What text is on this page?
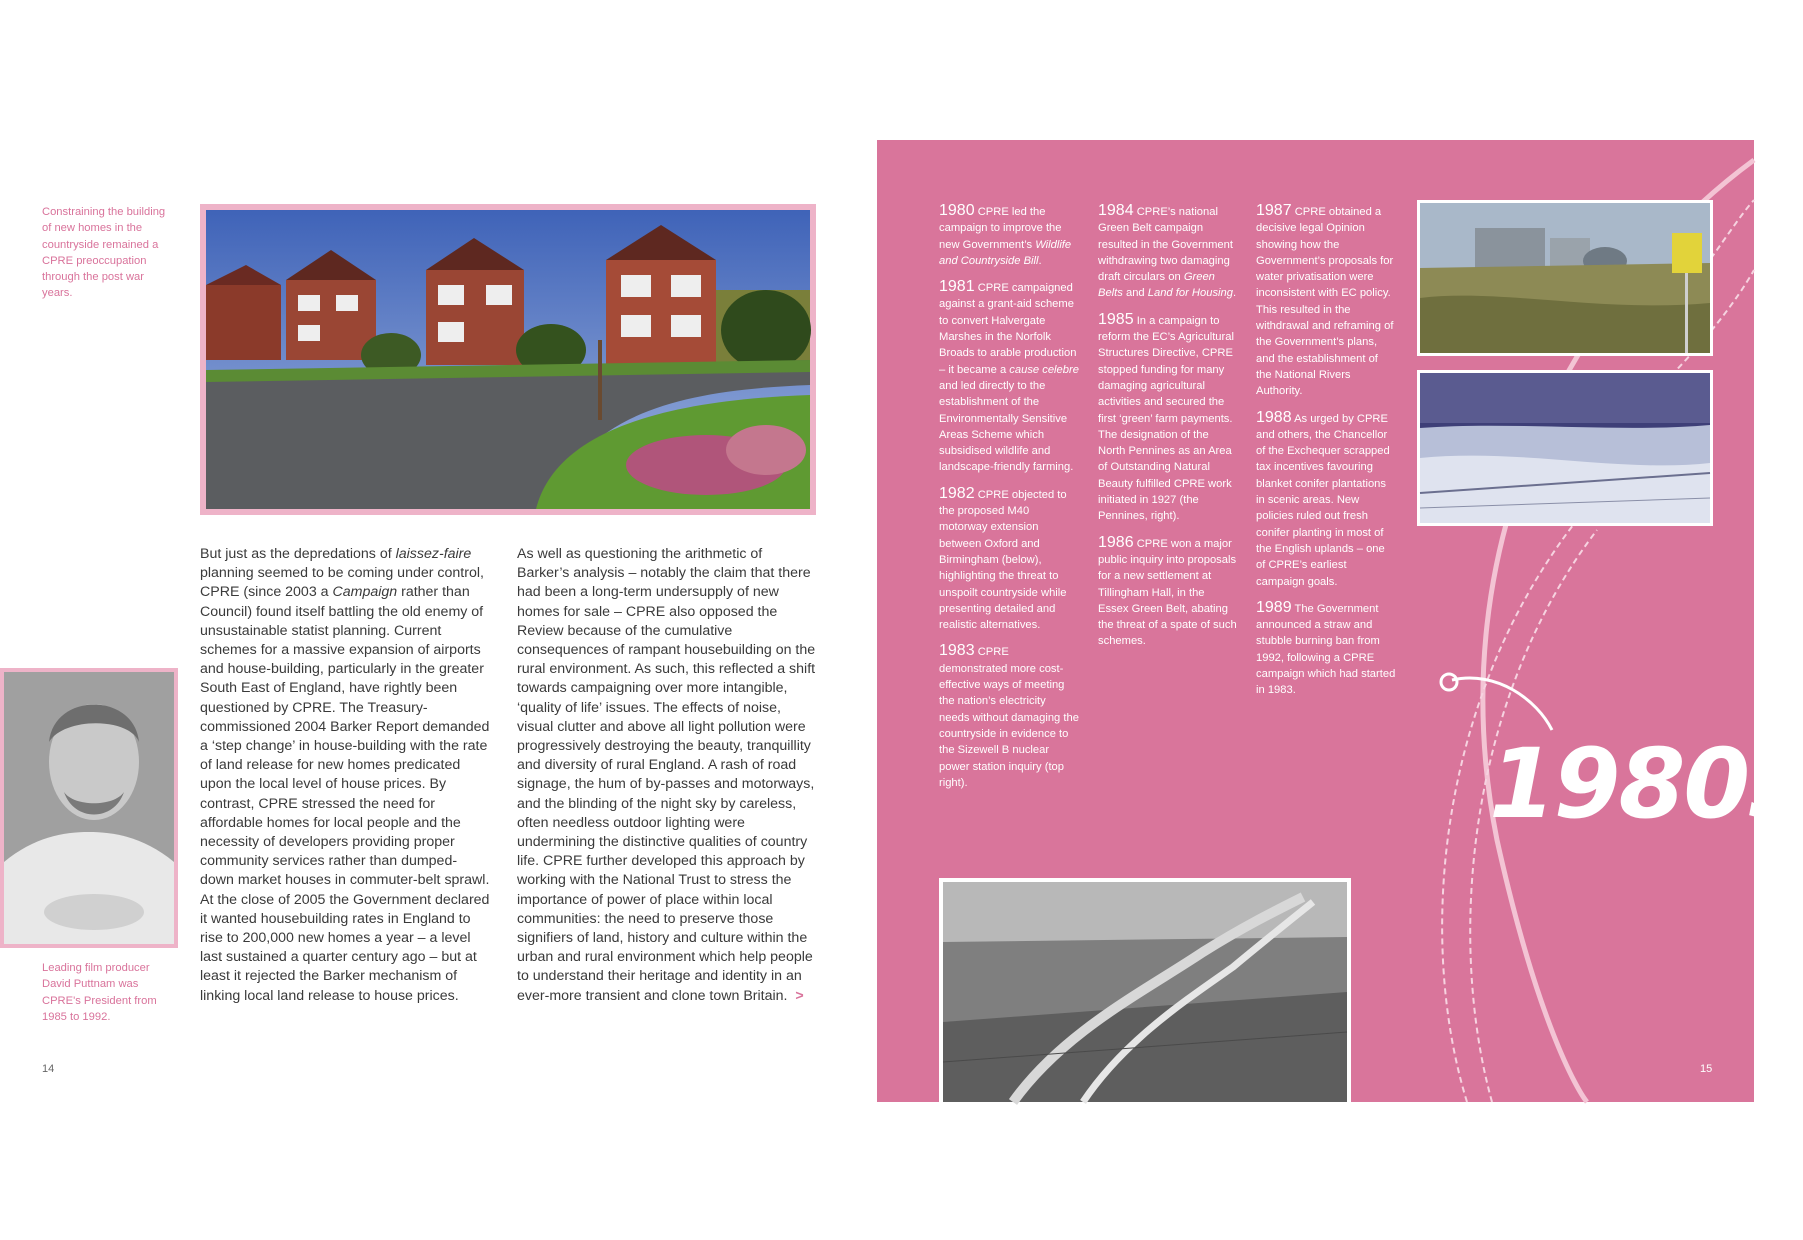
Constraining the building of new homes in the countryside remained a CPRE preoccupation through the post war years.

But just as the depredations of laissez-faire planning seemed to be coming under control, CPRE (since 2003 a Campaign rather than Council) found itself battling the old enemy of unsustainable statist planning. Current schemes for a massive expansion of airports and house-building, particularly in the greater South East of England, have rightly been questioned by CPRE. The Treasury-commissioned 2004 Barker Report demanded a ‘step change’ in house-building with the rate of land release for new homes predicated upon the local level of house prices. By contrast, CPRE stressed the need for affordable homes for local people and the necessity of developers providing proper community services rather than dumped-down market houses in commuter-belt sprawl. At the close of 2005 the Government declared it wanted housebuilding rates in England to rise to 200,000 new homes a year – a level last sustained a quarter century ago – but at least it rejected the Barker mechanism of linking local land release to house prices.

As well as questioning the arithmetic of Barker’s analysis – notably the claim that there had been a long-term undersupply of new homes for sale – CPRE also opposed the Review because of the cumulative consequences of rampant housebuilding on the rural environment. As such, this reflected a shift towards campaigning over more intangible, ‘quality of life’ issues. The effects of noise, visual clutter and above all light pollution were progressively destroying the beauty, tranquillity and diversity of rural England. A rash of road signage, the hum of by-passes and motorways, and the blinding of the night sky by careless, often needless outdoor lighting were undermining the distinctive qualities of country life. CPRE further developed this approach by working with the National Trust to stress the importance of power of place within local communities: the need to preserve those signifiers of land, history and culture within the urban and rural environment which help people to understand their heritage and identity in an ever-more transient and clone town Britain. >

Leading film producer David Puttnam was CPRE's President from 1985 to 1992.
14

1980 CPRE led the campaign to improve the new Government’s Wildlife and Countryside Bill.

1981 CPRE campaigned against a grant-aid scheme to convert Halvergate Marshes in the Norfolk Broads to arable production – it became a cause celebre and led directly to the establishment of the Environmentally Sensitive Areas Scheme which subsidised wildlife and landscape-friendly farming.

1982 CPRE objected to the proposed M40 motorway extension between Oxford and Birmingham (below), highlighting the threat to unspoilt countryside while presenting detailed and realistic alternatives.

1983 CPRE demonstrated more cost-effective ways of meeting the nation’s electricity needs without damaging the countryside in evidence to the Sizewell B nuclear power station inquiry (top right).

1984 CPRE’s national Green Belt campaign resulted in the Government withdrawing two damaging draft circulars on Green Belts and Land for Housing.

1985 In a campaign to reform the EC’s Agricultural Structures Directive, CPRE stopped funding for many damaging agricultural activities and secured the first ‘green’ farm payments. The designation of the North Pennines as an Area of Outstanding Natural Beauty fulfilled CPRE work initiated in 1927 (the Pennines, right).

1986 CPRE won a major public inquiry into proposals for a new settlement at Tillingham Hall, in the Essex Green Belt, abating the threat of a spate of such schemes.

1987 CPRE obtained a decisive legal Opinion showing how the Government’s proposals for water privatisation were inconsistent with EC policy. This resulted in the withdrawal and reframing of the Government’s plans, and the establishment of the National Rivers Authority.

1988 As urged by CPRE and others, the Chancellor of the Exchequer scrapped tax incentives favouring blanket conifer plantations in scenic areas. New policies ruled out fresh conifer planting in most of the English uplands – one of CPRE’s earliest campaign goals.

1989 The Government announced a straw and stubble burning ban from 1992, following a CPRE campaign which had started in 1983.

1980s
15
